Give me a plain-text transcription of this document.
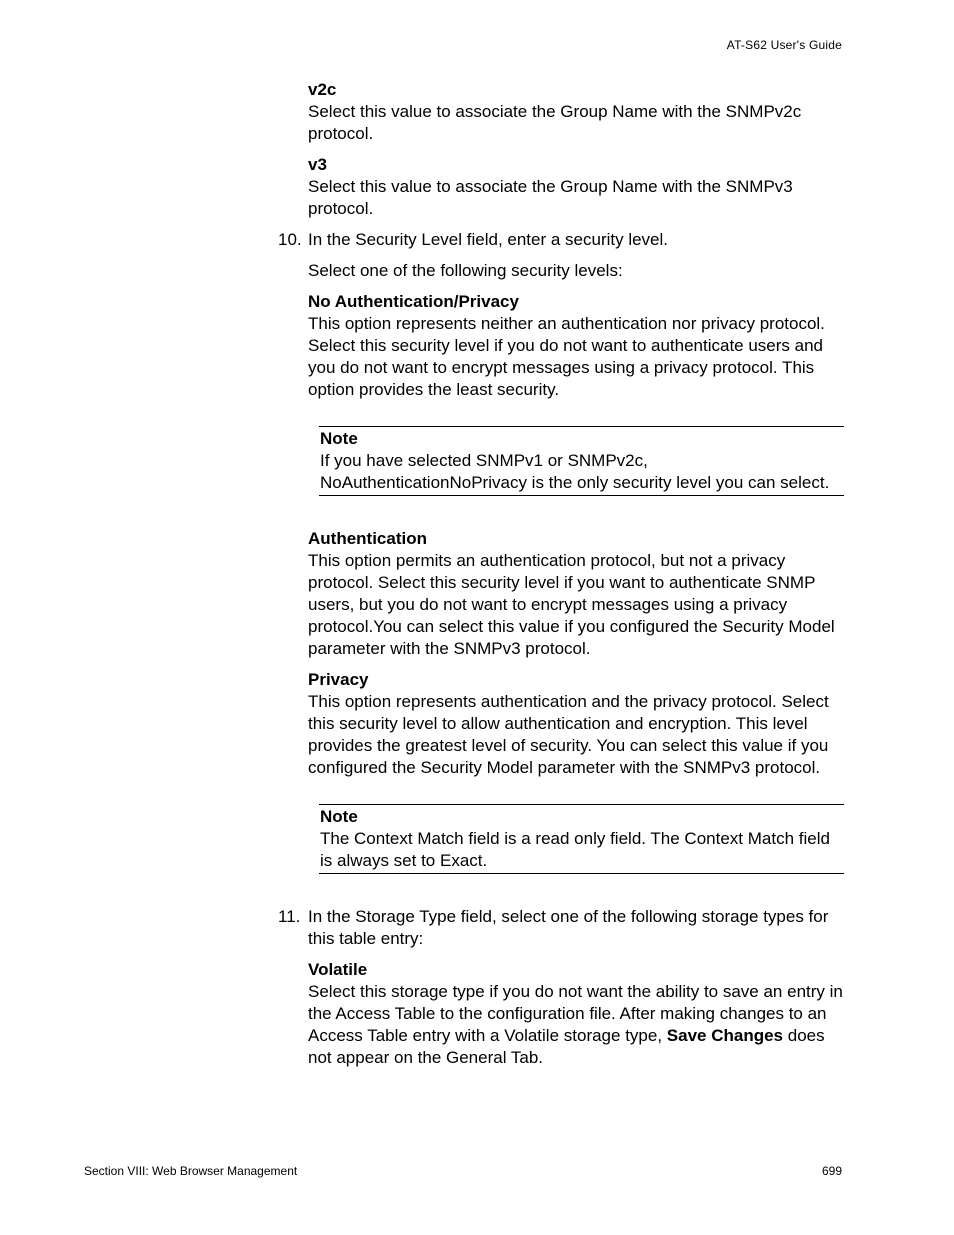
AT-S62 User's Guide

v2c

Select this value to associate the Group Name with the SNMPv2c protocol.

v3

Select this value to associate the Group Name with the SNMPv3 protocol.

10. In the Security Level field, enter a security level.

Select one of the following security levels:

No Authentication/Privacy

This option represents neither an authentication nor privacy protocol. Select this security level if you do not want to authenticate users and you do not want to encrypt messages using a privacy protocol. This option provides the least security.

Note

If you have selected SNMPv1 or SNMPv2c, NoAuthenticationNoPrivacy is the only security level you can select.

Authentication

This option permits an authentication protocol, but not a privacy protocol. Select this security level if you want to authenticate SNMP users, but you do not want to encrypt messages using a privacy protocol.You can select this value if you configured the Security Model parameter with the SNMPv3 protocol.

Privacy

This option represents authentication and the privacy protocol. Select this security level to allow authentication and encryption. This level provides the greatest level of security. You can select this value if you configured the Security Model parameter with the SNMPv3 protocol.

Note

The Context Match field is a read only field. The Context Match field is always set to Exact.

11. In the Storage Type field, select one of the following storage types for this table entry:

Volatile

Select this storage type if you do not want the ability to save an entry in the Access Table to the configuration file. After making changes to an Access Table entry with a Volatile storage type, Save Changes does not appear on the General Tab.

Section VIII: Web Browser Management	699
